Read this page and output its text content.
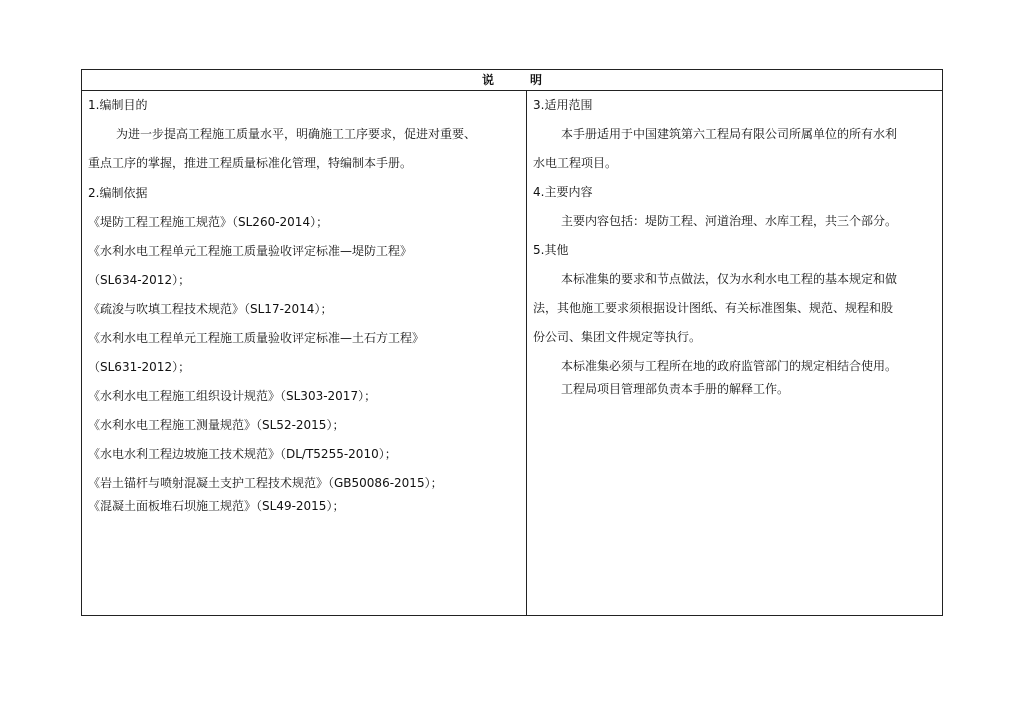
说	明
1.编制目的
为进一步提高工程施工质量水平，明确施工工序要求，促进对重要、
重点工序的掌握，推进工程质量标准化管理，特编制本手册。
2.编制依据
《堤防工程工程施工规范》（SL260-2014）；
《水利水电工程单元工程施工质量验收评定标准—堤防工程》
（SL634-2012）；
《疏浚与吹填工程技术规范》（SL17-2014）；
《水利水电工程单元工程施工质量验收评定标准—土石方工程》
（SL631-2012）；
《水利水电工程施工组织设计规范》（SL303-2017）；
《水利水电工程施工测量规范》（SL52-2015）；
《水电水利工程边坡施工技术规范》（DL/T5255-2010）；
《岩土锚杆与喷射混凝土支护工程技术规范》（GB50086-2015）；
《混凝土面板堆石坝施工规范》（SL49-2015）；
3.适用范围
本手册适用于中国建筑第六工程局有限公司所属单位的所有水利
水电工程项目。
4.主要内容
主要内容包括：堤防工程、河道治理、水库工程，共三个部分。
5.其他
本标准集的要求和节点做法，仅为水利水电工程的基本规定和做
法，其他施工要求须根据设计图纸、有关标准图集、规范、规程和股
份公司、集团文件规定等执行。
本标准集必须与工程所在地的政府监管部门的规定相结合使用。
工程局项目管理部负责本手册的解释工作。
